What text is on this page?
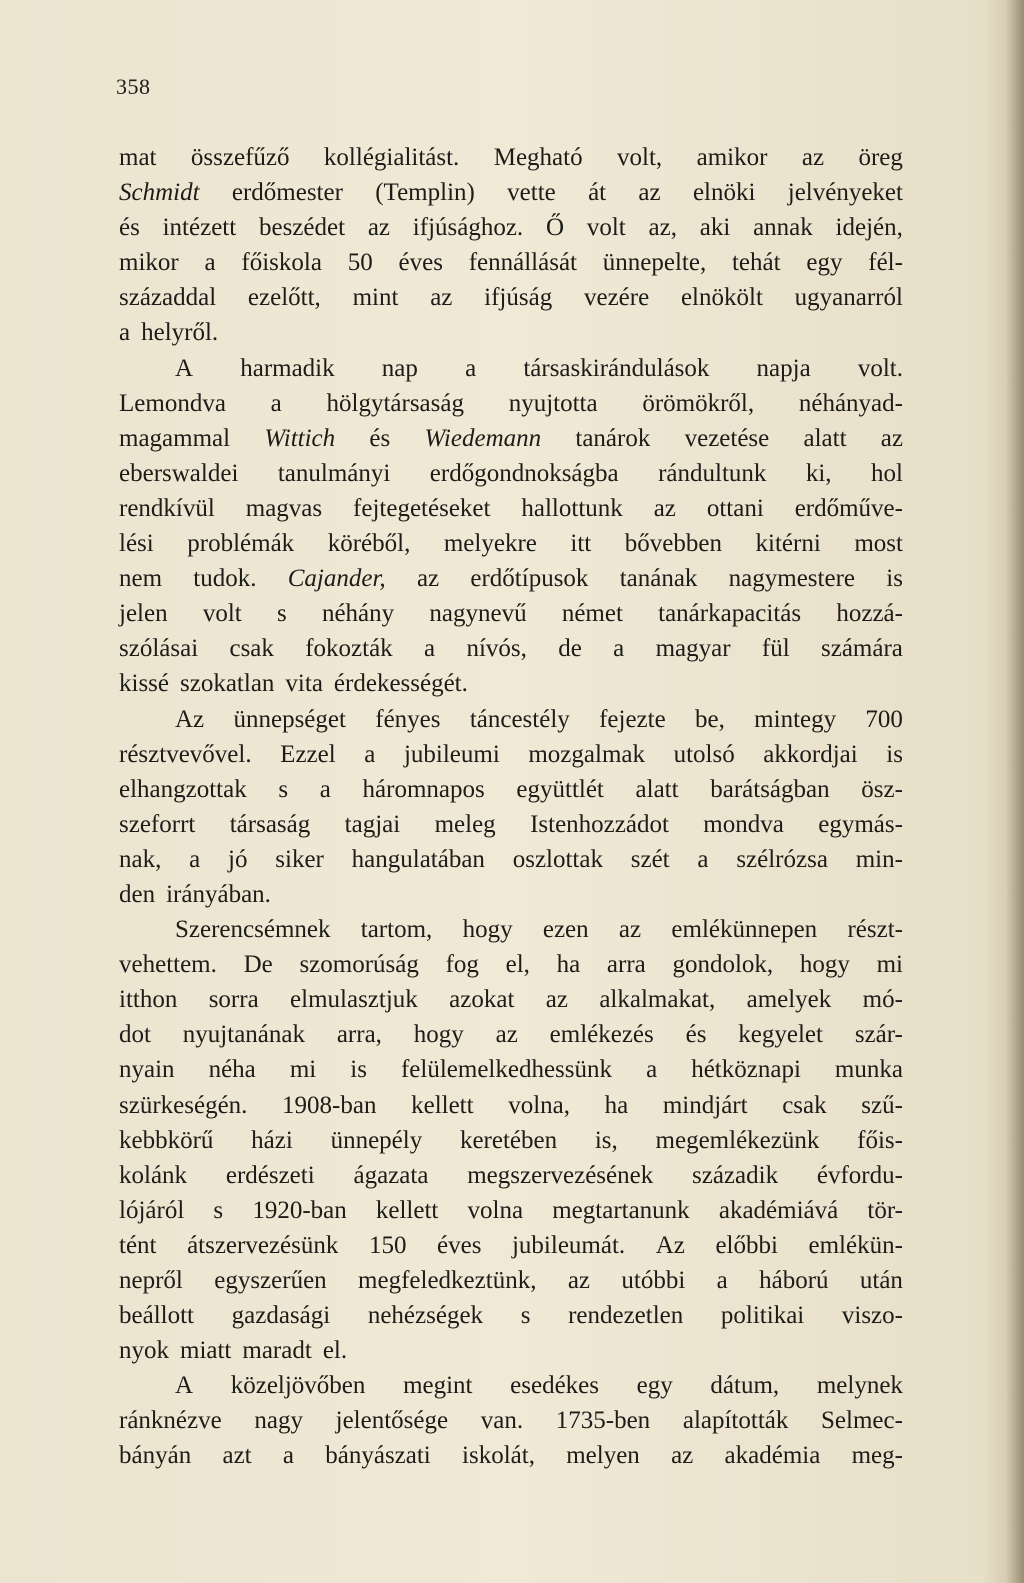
358
mat összefűző kollégialitást. Megható volt, amikor az öreg
Schmidt erdőmester (Templin) vette át az elnöki jelvényeket
és intézett beszédet az ifjúsághoz. Ő volt az, aki annak idején,
mikor a főiskola 50 éves fennállását ünnepelte, tehát egy fél-
századdal ezelőtt, mint az ifjúság vezére elnökölt ugyanarról
a helyről.
A harmadik nap a társaskirándulások napja volt.
Lemondva a hölgytársaság nyujtotta örömökről, néhányad-
magammal Wittich és Wiedemann tanárok vezetése alatt az
eberswaldei tanulmányi erdőgondnokságba rándultunk ki, hol
rendkívül magvas fejtegetéseket hallottunk az ottani erdőműve-
lési problémák köréből, melyekre itt bővebben kitérni most
nem tudok. Cajander, az erdőtípusok tanának nagymestere is
jelen volt s néhány nagynevű német tanárkapacitás hozzá-
szólásai csak fokozták a nívós, de a magyar fül számára
kissé szokatlan vita érdekességét.
Az ünnepséget fényes táncestély fejezte be, mintegy 700
résztvevővel. Ezzel a jubileumi mozgalmak utolsó akkordjai is
elhangzottak s a háromnapos együttlét alatt barátságban ösz-
szeforrt társaság tagjai meleg Istenhozzádot mondva egymás-
nak, a jó siker hangulatában oszlottak szét a szélrózsa min-
den irányában.
Szerencsémnek tartom, hogy ezen az emlékünnepen részt-
vehettem. De szomorúság fog el, ha arra gondolok, hogy mi
itthon sorra elmulasztjuk azokat az alkalmakat, amelyek mó-
dot nyujtanának arra, hogy az emlékezés és kegyelet szár-
nyain néha mi is felülemelkedhessünk a hétköznapi munka
szürkeségén. 1908-ban kellett volna, ha mindjárt csak szű-
kebbkörű házi ünnepély keretében is, megemlékezünk főis-
kolánk erdészeti ágazata megszervezésének századik évfordu-
lójáról s 1920-ban kellett volna megtartanunk akadémiává tör-
tént átszervezésünk 150 éves jubileumát. Az előbbi emlékün-
nepről egyszerűen megfeledkeztünk, az utóbbi a háború után
beállott gazdasági nehézségek s rendezetlen politikai viszo-
nyok miatt maradt el.
A közeljövőben megint esedékes egy dátum, melynek
ránknézve nagy jelentősége van. 1735-ben alapították Selmec-
bányán azt a bányászati iskolát, melyen az akadémia meg-
